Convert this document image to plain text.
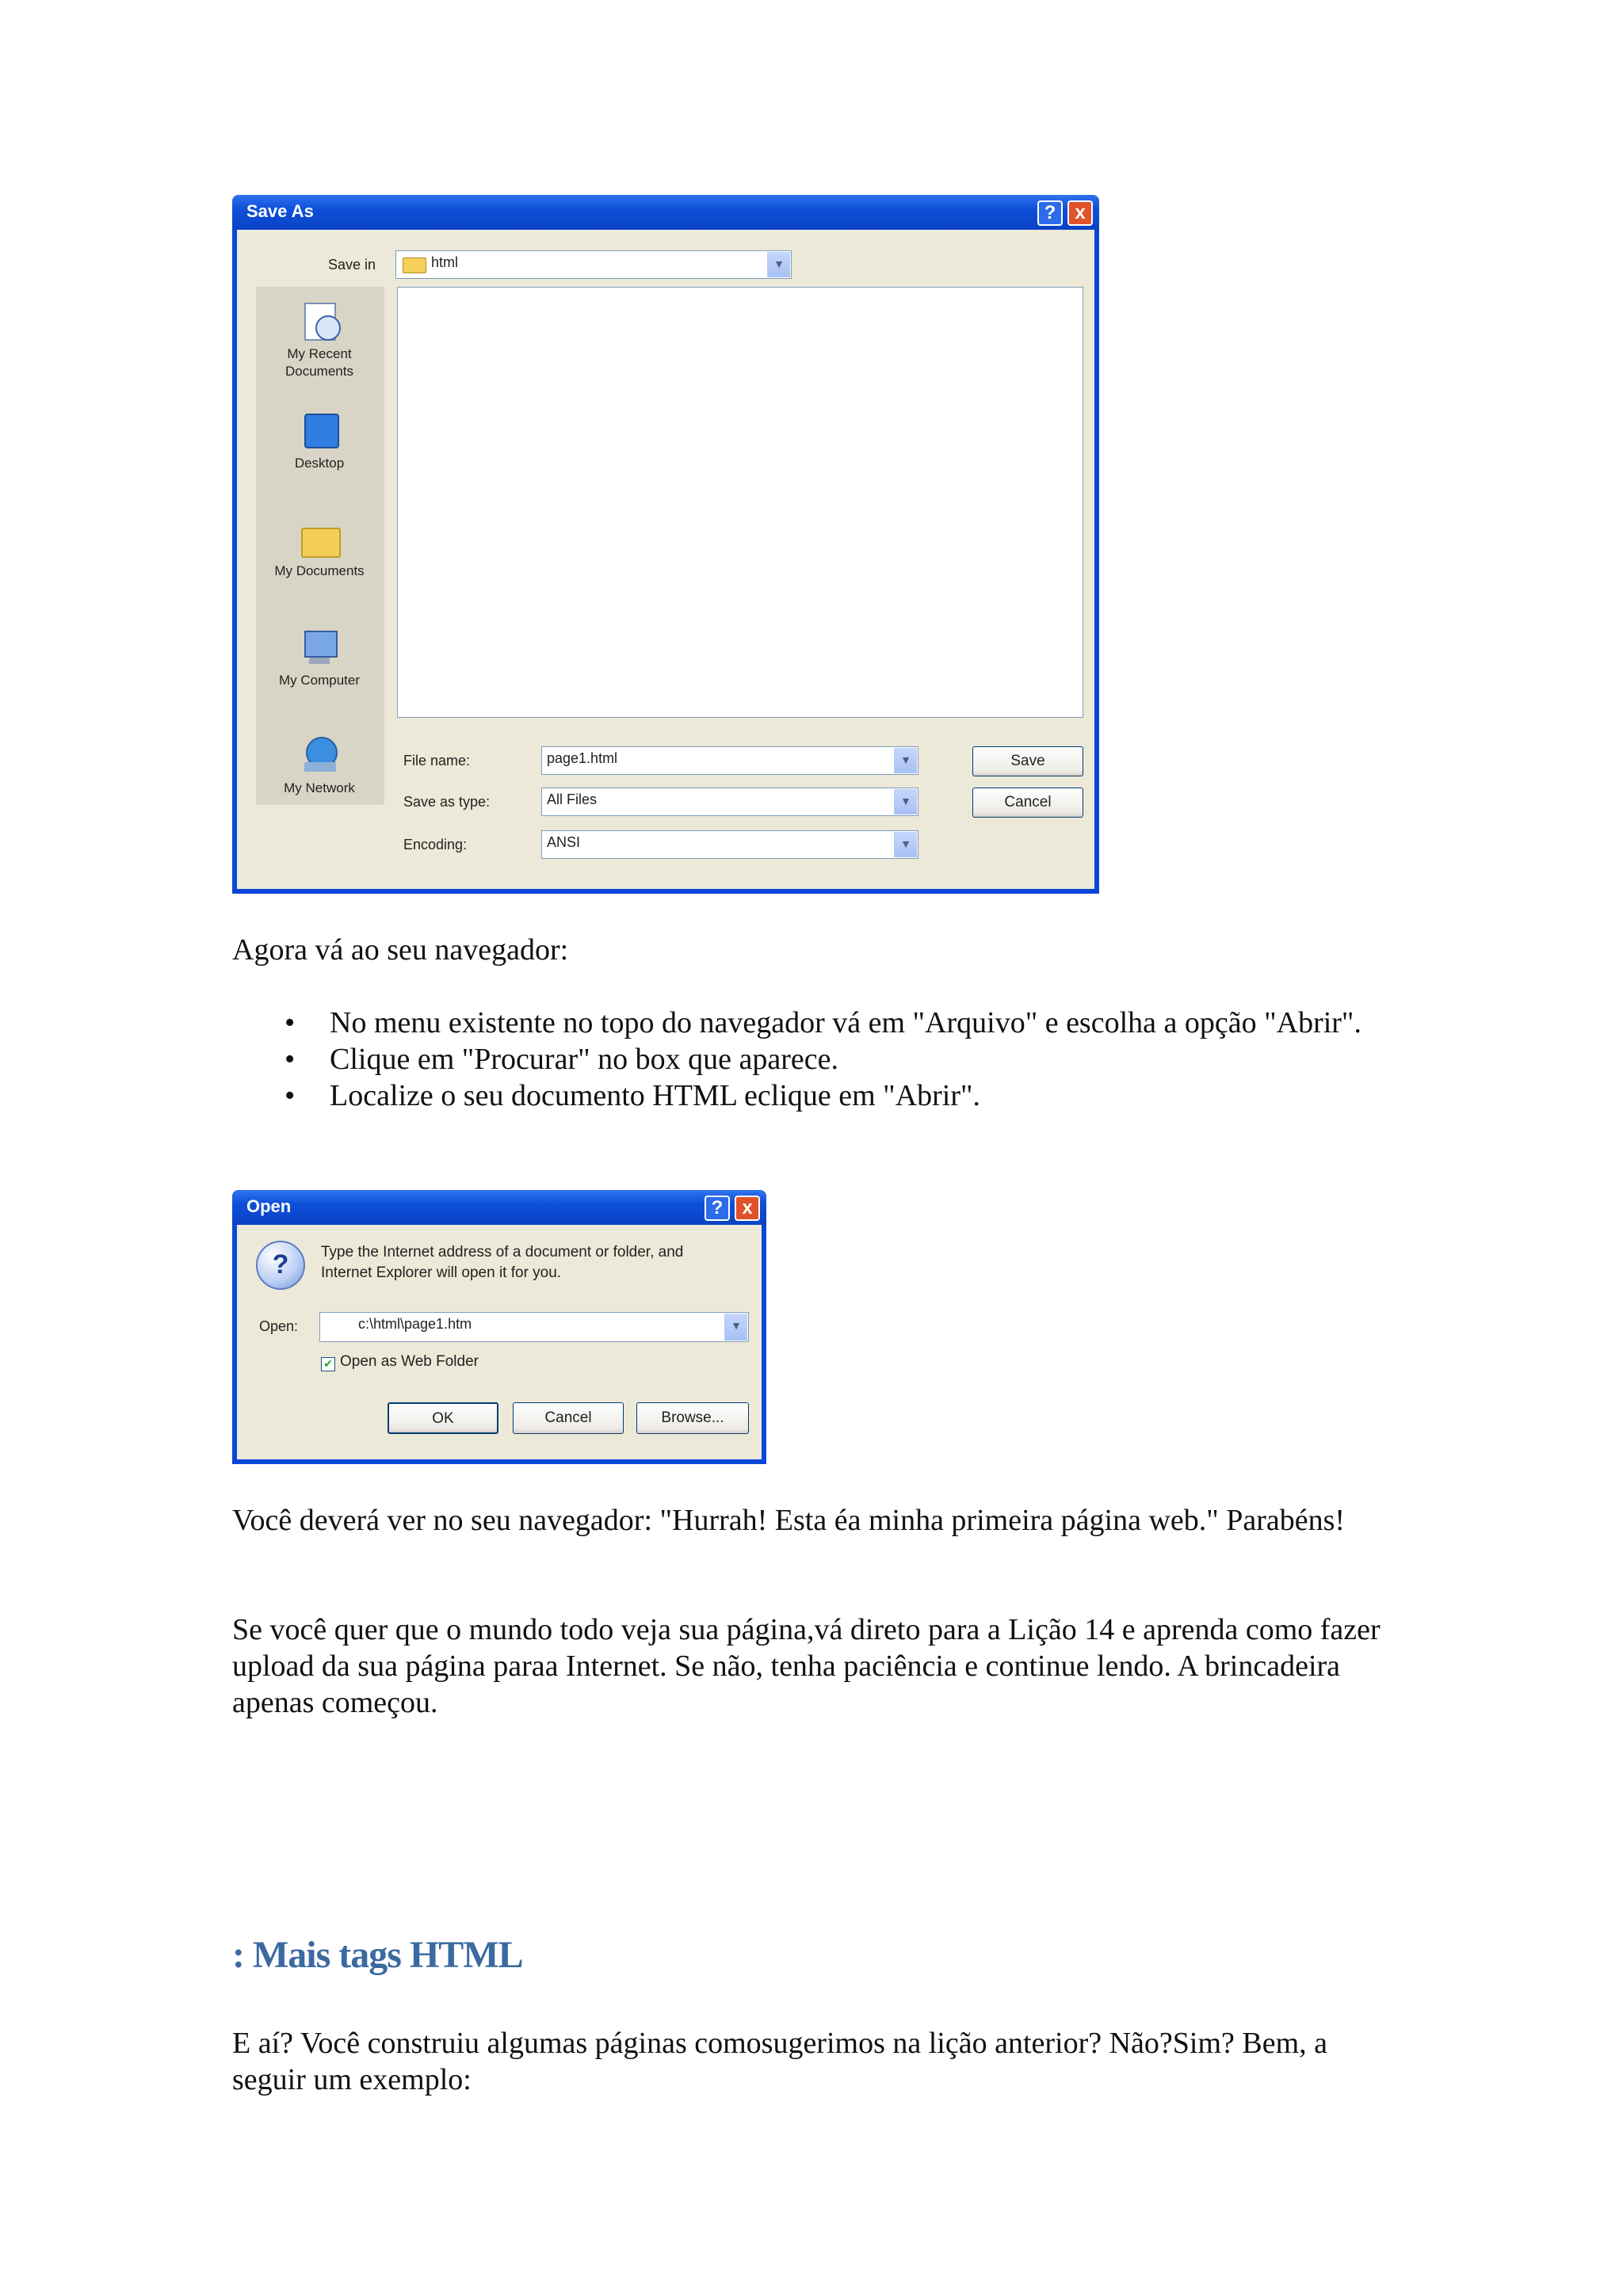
Save As	? x
Save in	html	▼
My Recent Documents
Desktop
My Documents
My Computer
My Network
File name:	page1.html	▼	Save
Save as type:	All Files	▼	Cancel
Encoding:	ANSI	▼
Agora vá ao seu navegador:
• No menu existente no topo do navegador vá em "Arquivo" e escolha a opção "Abrir".
• Clique em "Procurar" no box que aparece.
• Localize o seu documento HTML eclique em "Abrir".
Open	? x
?	Type the Internet address of a document or folder, and Internet Explorer will open it for you.
Open:	c:\html\page1.htm	▼
✔ Open as Web Folder
OK	Cancel	Browse...
Você deverá ver no seu navegador: "Hurrah! Esta éa minha primeira página web." Parabéns!
Se você quer que o mundo todo veja sua página,vá direto para a Lição 14 e aprenda como fazer upload da sua página paraa Internet. Se não, tenha paciência e continue lendo. A brincadeira apenas começou.
: Mais tags HTML
E aí? Você construiu algumas páginas comosugerimos na lição anterior? Não?Sim? Bem, a seguir um exemplo:
